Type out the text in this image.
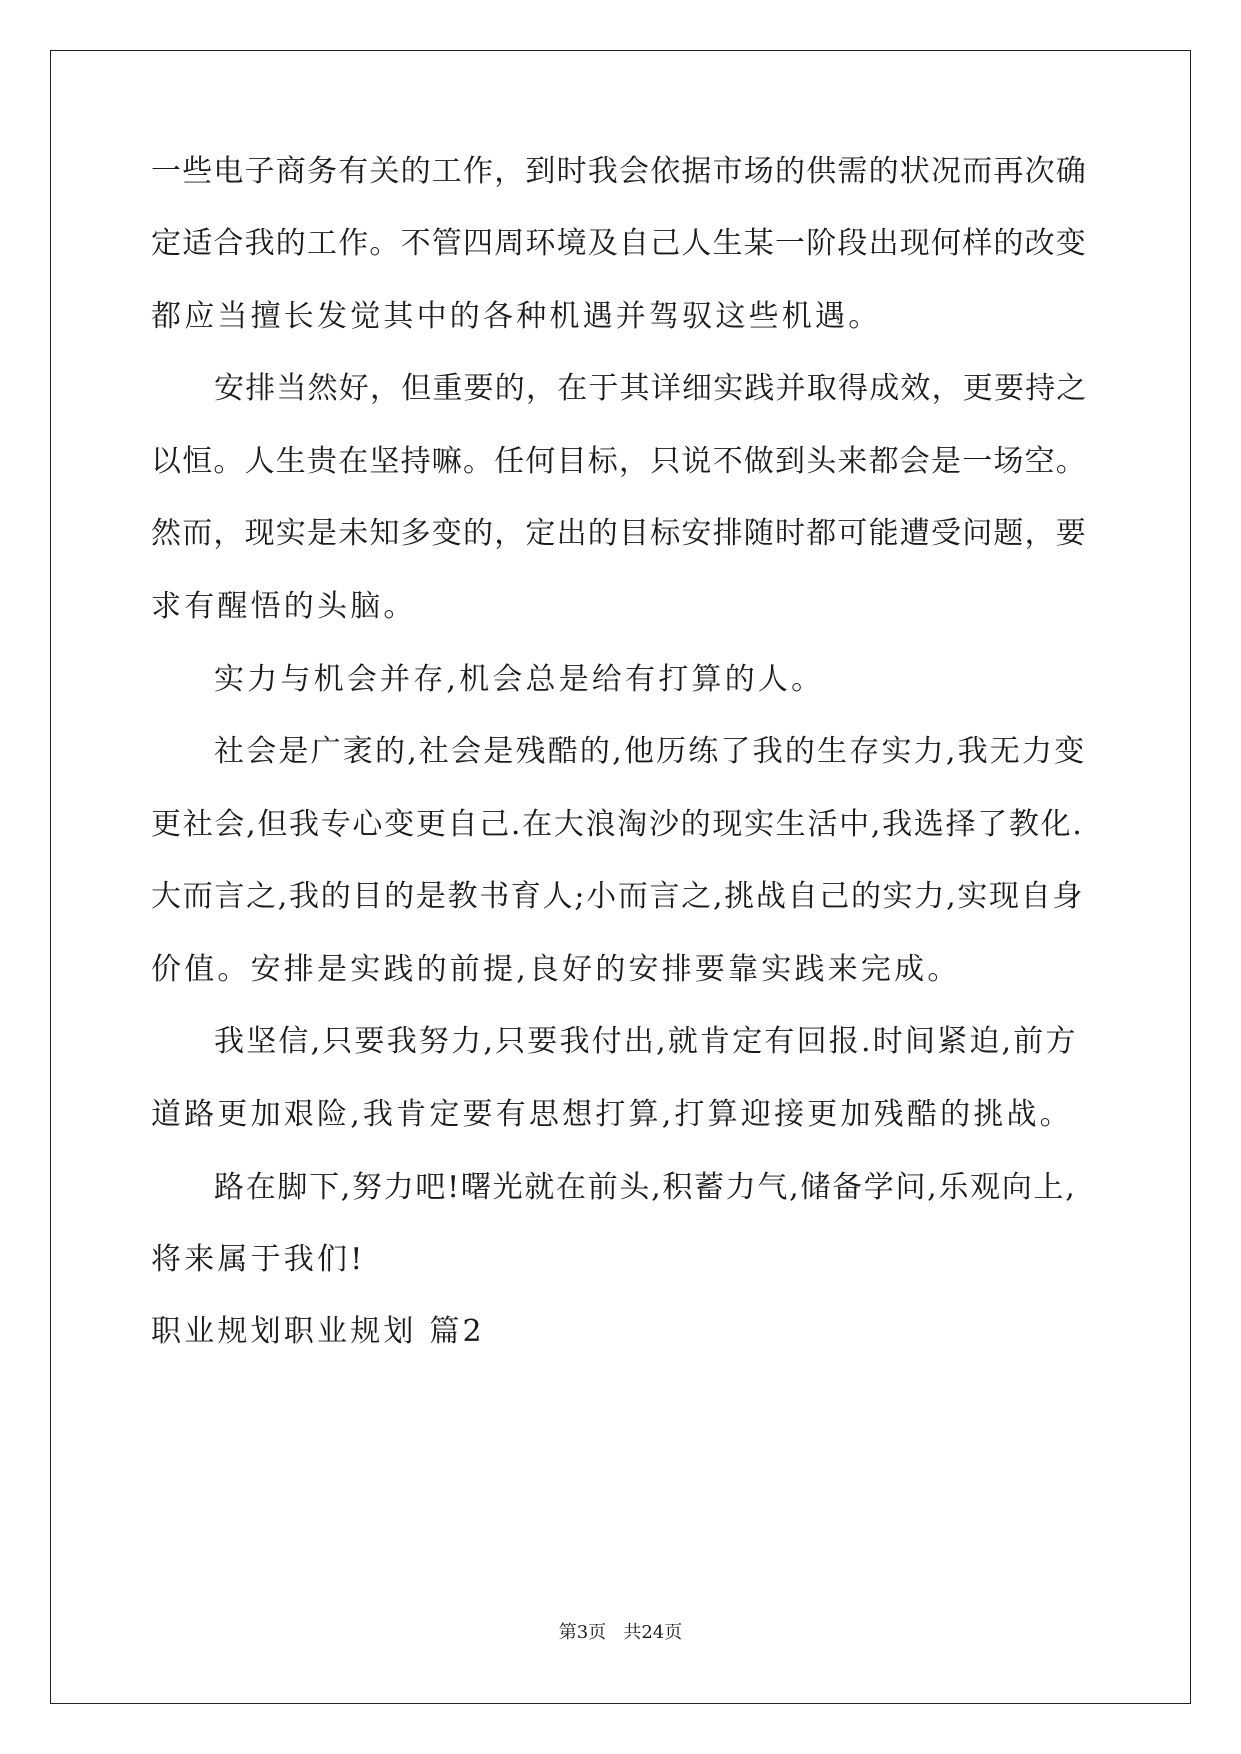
一些电子商务有关的工作，到时我会依据市场的供需的状况而再次确
定适合我的工作。不管四周环境及自己人生某一阶段出现何样的改变
都应当擅长发觉其中的各种机遇并驾驭这些机遇。
安排当然好，但重要的，在于其详细实践并取得成效，更要持之
以恒。人生贵在坚持嘛。任何目标，只说不做到头来都会是一场空。
然而，现实是未知多变的，定出的目标安排随时都可能遭受问题，要
求有醒悟的头脑。
实力与机会并存,机会总是给有打算的人。
社会是广袤的,社会是残酷的,他历练了我的生存实力,我无力变
更社会,但我专心变更自己.在大浪淘沙的现实生活中,我选择了教化.
大而言之,我的目的是教书育人;小而言之,挑战自己的实力,实现自身
价值。安排是实践的前提,良好的安排要靠实践来完成。
我坚信,只要我努力,只要我付出,就肯定有回报.时间紧迫,前方
道路更加艰险,我肯定要有思想打算,打算迎接更加残酷的挑战。
路在脚下,努力吧!曙光就在前头,积蓄力气,储备学问,乐观向上,
将来属于我们!
职业规划职业规划 篇2
第3页   共24页
